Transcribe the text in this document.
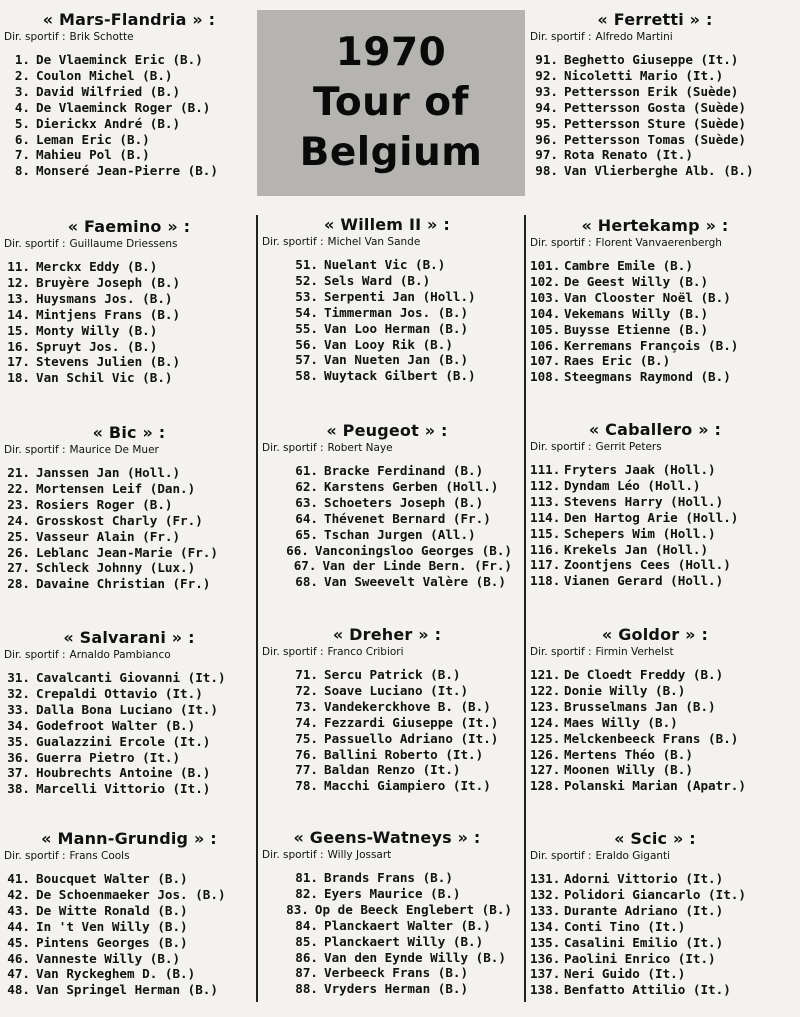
1970
Tour of
Belgium
« Mars-Flandria » :
Dir. sportif : Brik Schotte
1. De Vlaeminck Eric (B.)
2. Coulon Michel (B.)
3. David Wilfried (B.)
4. De Vlaeminck Roger (B.)
5. Dierickx André (B.)
6. Leman Eric (B.)
7. Mahieu Pol (B.)
8. Monseré Jean-Pierre (B.)
« Faemino » :
Dir. sportif : Guillaume Driessens
11. Merckx Eddy (B.)
12. Bruyère Joseph (B.)
13. Huysmans Jos. (B.)
14. Mintjens Frans (B.)
15. Monty Willy (B.)
16. Spruyt Jos. (B.)
17. Stevens Julien (B.)
18. Van Schil Vic (B.)
« Bic » :
Dir. sportif : Maurice De Muer
21. Janssen Jan (Holl.)
22. Mortensen Leif (Dan.)
23. Rosiers Roger (B.)
24. Grosskost Charly (Fr.)
25. Vasseur Alain (Fr.)
26. Leblanc Jean-Marie (Fr.)
27. Schleck Johnny (Lux.)
28. Davaine Christian (Fr.)
« Salvarani » :
Dir. sportif : Arnaldo Pambianco
31. Cavalcanti Giovanni (It.)
32. Crepaldi Ottavio (It.)
33. Dalla Bona Luciano (It.)
34. Godefroot Walter (B.)
35. Gualazzini Ercole (It.)
36. Guerra Pietro (It.)
37. Houbrechts Antoine (B.)
38. Marcelli Vittorio (It.)
« Mann-Grundig » :
Dir. sportif : Frans Cools
41. Boucquet Walter (B.)
42. De Schoenmaeker Jos. (B.)
43. De Witte Ronald (B.)
44. In 't Ven Willy (B.)
45. Pintens Georges (B.)
46. Vanneste Willy (B.)
47. Van Ryckeghem D. (B.)
48. Van Springel Herman (B.)
« Willem II » :
Dir. sportif : Michel Van Sande
51. Nuelant Vic (B.)
52. Sels Ward (B.)
53. Serpenti Jan (Holl.)
54. Timmerman Jos. (B.)
55. Van Loo Herman (B.)
56. Van Looy Rik (B.)
57. Van Nueten Jan (B.)
58. Wuytack Gilbert (B.)
« Peugeot » :
Dir. sportif : Robert Naye
61. Bracke Ferdinand (B.)
62. Karstens Gerben (Holl.)
63. Schoeters Joseph (B.)
64. Thévenet Bernard (Fr.)
65. Tschan Jurgen (All.)
66. Vanconingsloo Georges (B.)
67. Van der Linde Bern. (Fr.)
68. Van Sweevelt Valère (B.)
« Dreher » :
Dir. sportif : Franco Cribiori
71. Sercu Patrick (B.)
72. Soave Luciano (It.)
73. Vandekerckhove B. (B.)
74. Fezzardi Giuseppe (It.)
75. Passuello Adriano (It.)
76. Ballini Roberto (It.)
77. Baldan Renzo (It.)
78. Macchi Giampiero (It.)
« Geens-Watneys » :
Dir. sportif : Willy Jossart
81. Brands Frans (B.)
82. Eyers Maurice (B.)
83. Op de Beeck Englebert (B.)
84. Planckaert Walter (B.)
85. Planckaert Willy (B.)
86. Van den Eynde Willy (B.)
87. Verbeeck Frans (B.)
88. Vryders Herman (B.)
« Ferretti » :
Dir. sportif : Alfredo Martini
91. Beghetto Giuseppe (It.)
92. Nicoletti Mario (It.)
93. Pettersson Erik (Suède)
94. Pettersson Gosta (Suède)
95. Pettersson Sture (Suède)
96. Pettersson Tomas (Suède)
97. Rota Renato (It.)
98. Van Vlierberghe Alb. (B.)
« Hertekamp » :
Dir. sportif : Florent Vanvaerenbergh
101. Cambre Emile (B.)
102. De Geest Willy (B.)
103. Van Clooster Noël (B.)
104. Vekemans Willy (B.)
105. Buysse Etienne (B.)
106. Kerremans François (B.)
107. Raes Eric (B.)
108. Steegmans Raymond (B.)
« Caballero » :
Dir. sportif : Gerrit Peters
111. Fryters Jaak (Holl.)
112. Dyndam Léo (Holl.)
113. Stevens Harry (Holl.)
114. Den Hartog Arie (Holl.)
115. Schepers Wim (Holl.)
116. Krekels Jan (Holl.)
117. Zoontjens Cees (Holl.)
118. Vianen Gerard (Holl.)
« Goldor » :
Dir. sportif : Firmin Verhelst
121. De Cloedt Freddy (B.)
122. Donie Willy (B.)
123. Brusselmans Jan (B.)
124. Maes Willy (B.)
125. Melckenbeeck Frans (B.)
126. Mertens Théo (B.)
127. Moonen Willy (B.)
128. Polanski Marian (Apatr.)
« Scic » :
Dir. sportif : Eraldo Giganti
131. Adorni Vittorio (It.)
132. Polidori Giancarlo (It.)
133. Durante Adriano (It.)
134. Conti Tino (It.)
135. Casalini Emilio (It.)
136. Paolini Enrico (It.)
137. Neri Guido (It.)
138. Benfatto Attilio (It.)
